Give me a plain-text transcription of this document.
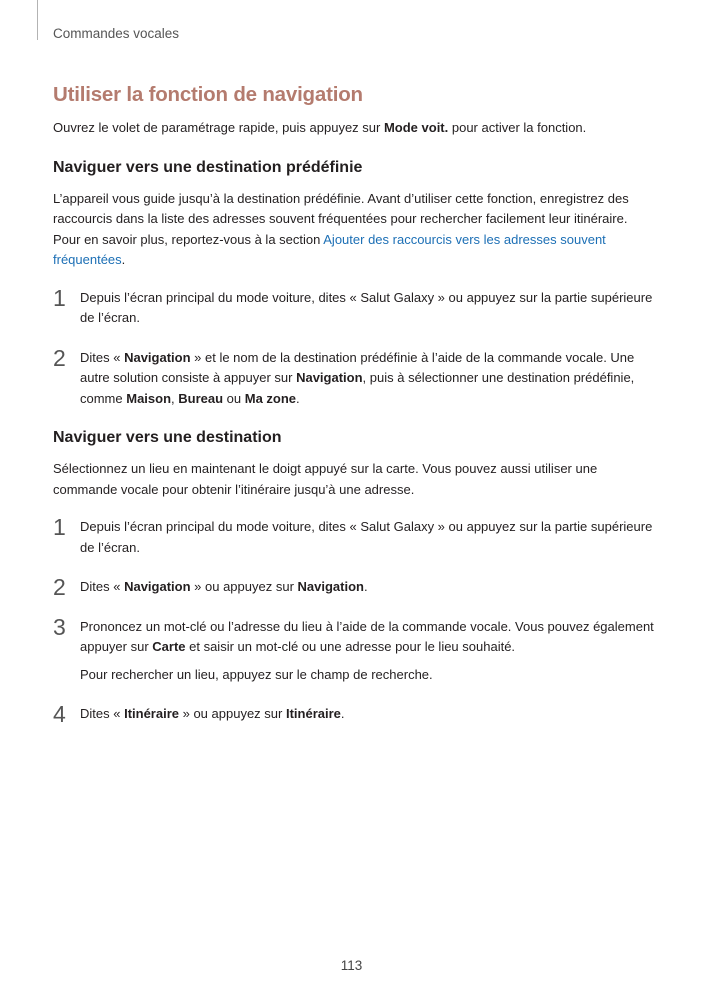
Commandes vocales
Utiliser la fonction de navigation

Ouvrez le volet de paramétrage rapide, puis appuyez sur Mode voit. pour activer la fonction.

Naviguer vers une destination prédéfinie

L’appareil vous guide jusqu’à la destination prédéfinie. Avant d’utiliser cette fonction, enregistrez des raccourcis dans la liste des adresses souvent fréquentées pour rechercher facilement leur itinéraire. Pour en savoir plus, reportez-vous à la section Ajouter des raccourcis vers les adresses souvent fréquentées.

1 Depuis l’écran principal du mode voiture, dites « Salut Galaxy » ou appuyez sur la partie supérieure de l’écran.

2 Dites « Navigation » et le nom de la destination prédéfinie à l’aide de la commande vocale. Une autre solution consiste à appuyer sur Navigation, puis à sélectionner une destination prédéfinie, comme Maison, Bureau ou Ma zone.

Naviguer vers une destination

Sélectionnez un lieu en maintenant le doigt appuyé sur la carte. Vous pouvez aussi utiliser une commande vocale pour obtenir l’itinéraire jusqu’à une adresse.

1 Depuis l’écran principal du mode voiture, dites « Salut Galaxy » ou appuyez sur la partie supérieure de l’écran.

2 Dites « Navigation » ou appuyez sur Navigation.

3 Prononcez un mot-clé ou l’adresse du lieu à l’aide de la commande vocale. Vous pouvez également appuyer sur Carte et saisir un mot-clé ou une adresse pour le lieu souhaité.

Pour rechercher un lieu, appuyez sur le champ de recherche.

4 Dites « Itinéraire » ou appuyez sur Itinéraire.

113
